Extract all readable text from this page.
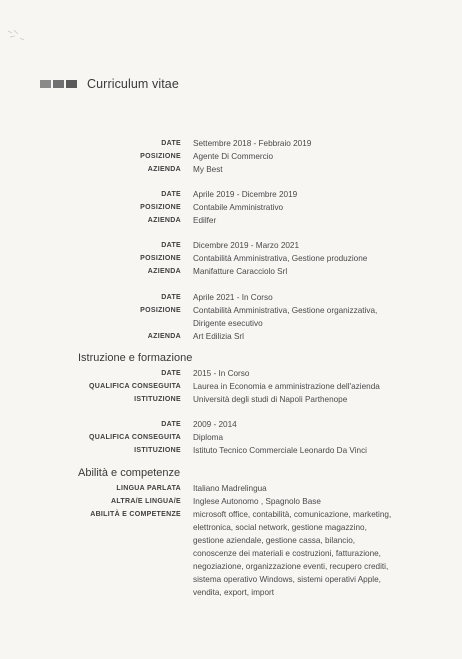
Curriculum vitae
DATE Settembre 2018 - Febbraio 2019
POSIZIONE Agente Di Commercio
AZIENDA My Best
DATE Aprile 2019 - Dicembre 2019
POSIZIONE Contabile Amministrativo
AZIENDA Edilfer
DATE Dicembre 2019 - Marzo 2021
POSIZIONE Contabilità Amministrativa, Gestione produzione
AZIENDA Manifatture Caracciolo Srl
DATE Aprile 2021 - In Corso
POSIZIONE Contabilità Amministrativa, Gestione organizzativa,
Dirigente esecutivo
AZIENDA Art Edilizia Srl
Istruzione e formazione
DATE 2015 - In Corso
QUALIFICA CONSEGUITA Laurea in Economia e amministrazione dell'azienda
ISTITUZIONE Università degli studi di Napoli Parthenope
DATE 2009 - 2014
QUALIFICA CONSEGUITA Diploma
ISTITUZIONE Istituto Tecnico Commerciale Leonardo Da Vinci
Abilità e competenze
LINGUA PARLATA Italiano Madrelingua
ALTRA/E LINGUA/E Inglese Autonomo , Spagnolo Base
ABILITÀ E COMPETENZE microsoft office, contabilità, comunicazione, marketing,
elettronica, social network, gestione magazzino,
gestione aziendale, gestione cassa, bilancio,
conoscenze dei materiali e costruzioni, fatturazione,
negoziazione, organizzazione eventi, recupero crediti,
sistema operativo Windows, sistemi operativi Apple,
vendita, export, import
